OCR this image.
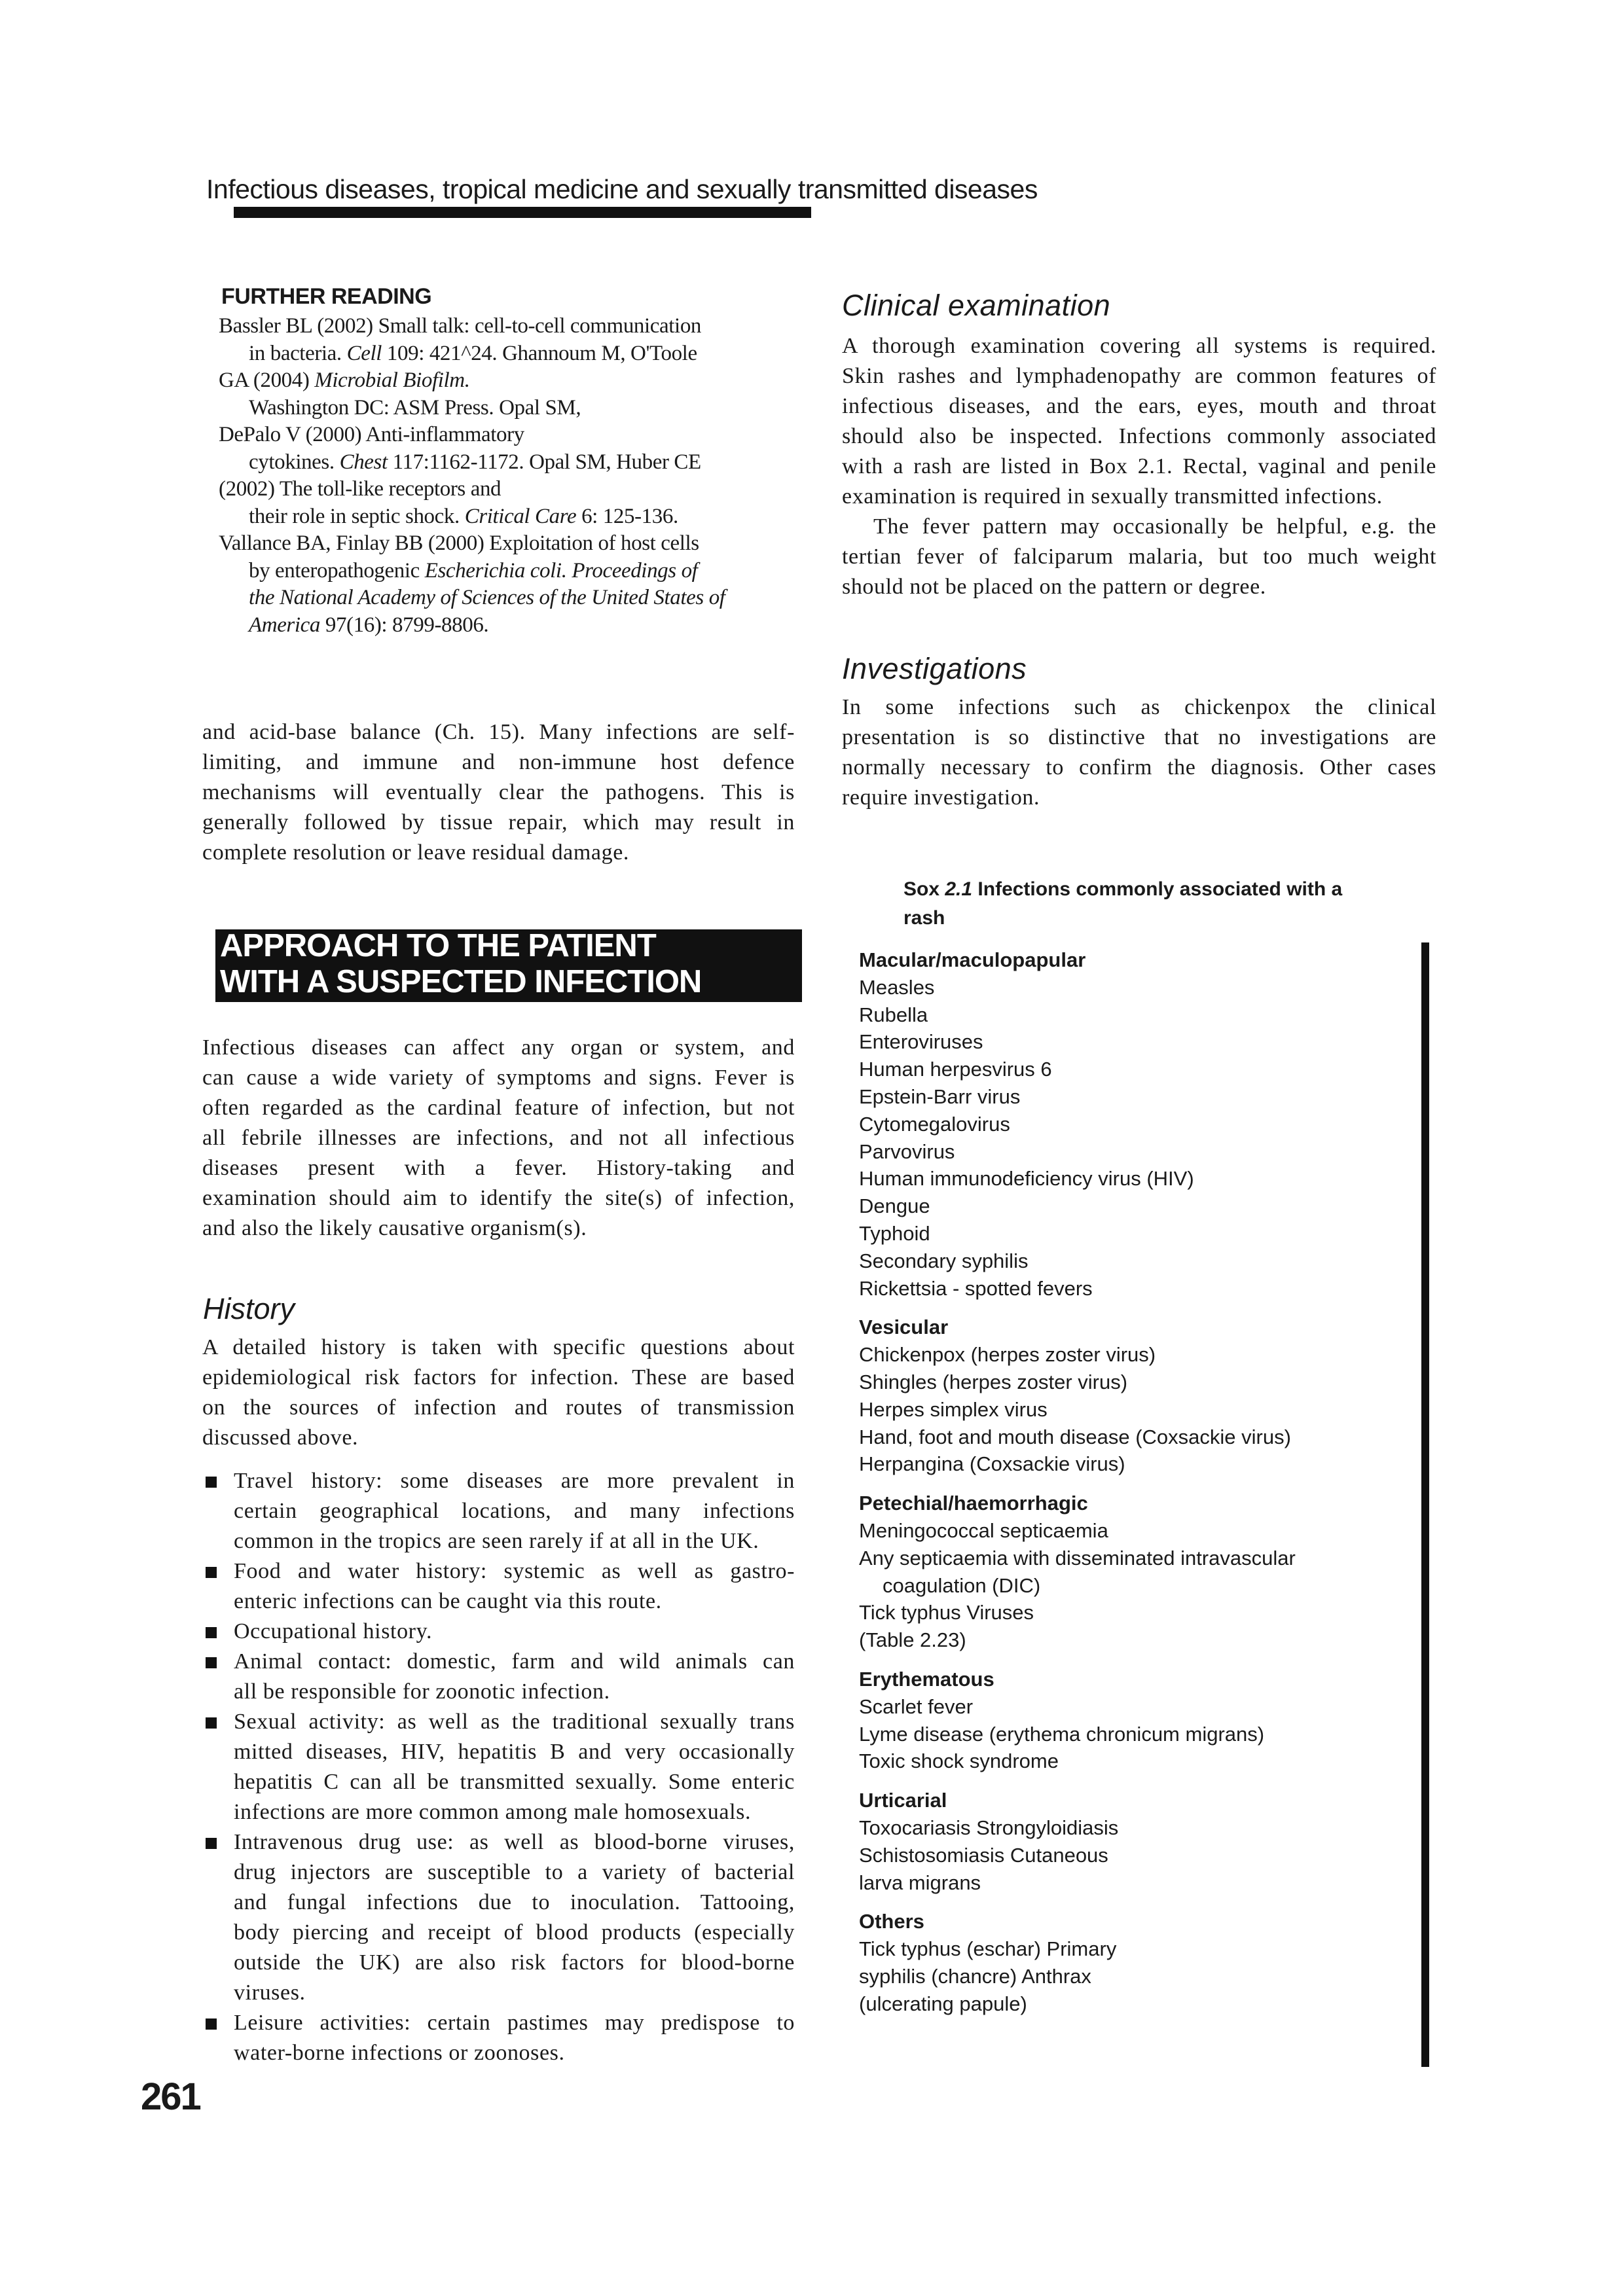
Infectious diseases, tropical medicine and sexually transmitted diseases
FURTHER READING
Bassler BL (2002) Small talk: cell-to-cell communication
in bacteria. Cell 109: 421^24. Ghannoum M, O'Toole
GA (2004) Microbial Biofilm.
Washington DC: ASM Press. Opal SM,
DePalo V (2000) Anti-inflammatory
cytokines. Chest 117:1162-1172. Opal SM, Huber CE
(2002) The toll-like receptors and
their role in septic shock. Critical Care 6: 125-136.
Vallance BA, Finlay BB (2000) Exploitation of host cells
by enteropathogenic Escherichia coli. Proceedings of
the National Academy of Sciences of the United States of
America 97(16): 8799-8806.
and acid-base balance (Ch. 15). Many infections are self-
limiting, and immune and non-immune host defence
mechanisms will eventually clear the pathogens. This is
generally followed by tissue repair, which may result in
complete resolution or leave residual damage.
APPROACH TO THE PATIENT
WITH A SUSPECTED INFECTION
Infectious diseases can affect any organ or system, and
can cause a wide variety of symptoms and signs. Fever is
often regarded as the cardinal feature of infection, but not
all febrile illnesses are infections, and not all infectious
diseases present with a fever. History-taking and
examination should aim to identify the site(s) of infection,
and also the likely causative organism(s).
History
A detailed history is taken with specific questions about
epidemiological risk factors for infection. These are based
on the sources of infection and routes of transmission
discussed above.
Travel history: some diseases are more prevalent in
certain geographical locations, and many infections
common in the tropics are seen rarely if at all in the UK.
Food and water history: systemic as well as gastro-
enteric infections can be caught via this route.
Occupational history.
Animal contact: domestic, farm and wild animals can
all be responsible for zoonotic infection.
Sexual activity: as well as the traditional sexually trans
mitted diseases, HIV, hepatitis B and very occasionally
hepatitis C can all be transmitted sexually. Some enteric
infections are more common among male homosexuals.
Intravenous drug use: as well as blood-borne viruses,
drug injectors are susceptible to a variety of bacterial
and fungal infections due to inoculation. Tattooing,
body piercing and receipt of blood products (especially
outside the UK) are also risk factors for blood-borne
viruses.
Leisure activities: certain pastimes may predispose to
water-borne infections or zoonoses.
261
Clinical examination
A thorough examination covering all systems is required.
Skin rashes and lymphadenopathy are common features of
infectious diseases, and the ears, eyes, mouth and throat
should also be inspected. Infections commonly associated
with a rash are listed in Box 2.1. Rectal, vaginal and penile
examination is required in sexually transmitted infections.
The fever pattern may occasionally be helpful, e.g. the
tertian fever of falciparum malaria, but too much weight
should not be placed on the pattern or degree.
Investigations
In some infections such as chickenpox the clinical
presentation is so distinctive that no investigations are
normally necessary to confirm the diagnosis. Other cases
require investigation.
Sox 2.1 Infections commonly associated with a
rash
Macular/maculopapular
Measles
Rubella
Enteroviruses
Human herpesvirus 6
Epstein-Barr virus
Cytomegalovirus
Parvovirus
Human immunodeficiency virus (HIV)
Dengue
Typhoid
Secondary syphilis
Rickettsia - spotted fevers
Vesicular
Chickenpox (herpes zoster virus)
Shingles (herpes zoster virus)
Herpes simplex virus
Hand, foot and mouth disease (Coxsackie virus)
Herpangina (Coxsackie virus)
Petechial/haemorrhagic
Meningococcal septicaemia
Any septicaemia with disseminated intravascular
coagulation (DIC)
Tick typhus Viruses
(Table 2.23)
Erythematous
Scarlet fever
Lyme disease (erythema chronicum migrans)
Toxic shock syndrome
Urticarial
Toxocariasis Strongyloidiasis
Schistosomiasis Cutaneous
larva migrans
Others
Tick typhus (eschar) Primary
syphilis (chancre) Anthrax
(ulcerating papule)
